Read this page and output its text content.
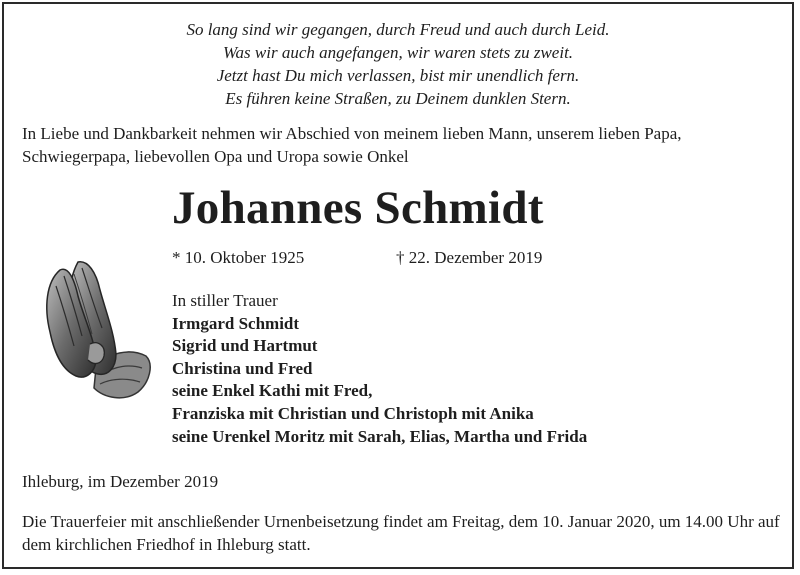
So lang sind wir gegangen, durch Freud und auch durch Leid.
Was wir auch angefangen, wir waren stets zu zweit.
Jetzt hast Du mich verlassen, bist mir unendlich fern.
Es führen keine Straßen, zu Deinem dunklen Stern.
In Liebe und Dankbarkeit nehmen wir Abschied von meinem lieben Mann, unserem lieben Papa, Schwiegerpapa, liebevollen Opa und Uropa sowie Onkel
Johannes Schmidt
* 10. Oktober 1925	† 22. Dezember 2019
In stiller Trauer
Irmgard Schmidt
Sigrid und Hartmut
Christina und Fred
seine Enkel Kathi mit Fred,
Franziska mit Christian und Christoph mit Anika
seine Urenkel Moritz mit Sarah, Elias, Martha und Frida
Ihleburg, im Dezember 2019
Die Trauerfeier mit anschließender Urnenbeisetzung findet am Freitag, dem 10. Januar 2020, um 14.00 Uhr auf dem kirchlichen Friedhof in Ihleburg statt.
